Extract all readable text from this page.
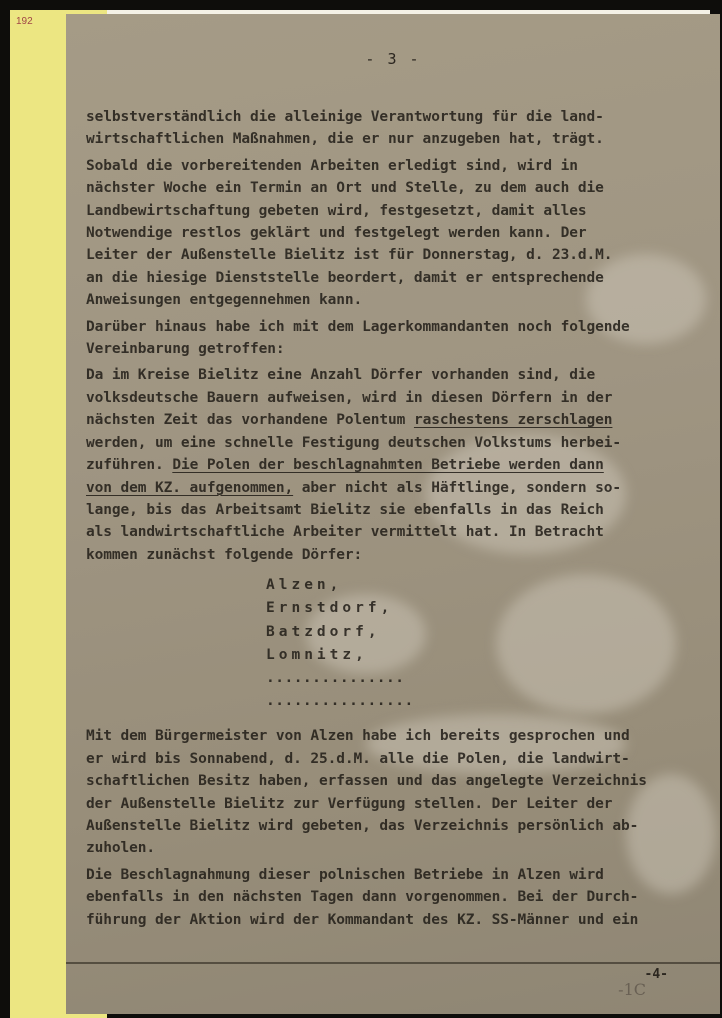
192
- 3 -
selbstverständlich die alleinige Verantwortung für die land-
wirtschaftlichen Maßnahmen, die er nur anzugeben hat, trägt.
Sobald die vorbereitenden Arbeiten erledigt sind, wird in
nächster Woche ein Termin an Ort und Stelle, zu dem auch die
Landbewirtschaftung gebeten wird, festgesetzt, damit alles
Notwendige restlos geklärt und festgelegt werden kann. Der
Leiter der Außenstelle Bielitz ist für Donnerstag, d. 23.d.M.
an die hiesige Dienststelle beordert, damit er entsprechende
Anweisungen entgegennehmen kann.
Darüber hinaus habe ich mit dem Lagerkommandanten noch folgende
Vereinbarung getroffen:
Da im Kreise Bielitz eine Anzahl Dörfer vorhanden sind, die
volksdeutsche Bauern aufweisen, wird in diesen Dörfern in der
nächsten Zeit das vorhandene Polentum raschestens zerschlagen
werden, um eine schnelle Festigung deutschen Volkstums herbei-
zuführen. Die Polen der beschlagnahmten Betriebe werden dann
von dem KZ. aufgenommen, aber nicht als Häftlinge, sondern so-
lange, bis das Arbeitsamt Bielitz sie ebenfalls in das Reich
als landwirtschaftliche Arbeiter vermittelt hat. In Betracht
kommen zunächst folgende Dörfer:
Alzen,
Ernstdorf,
Batzdorf,
Lomnitz,
...............
................
Mit dem Bürgermeister von Alzen habe ich bereits gesprochen und
er wird bis Sonnabend, d. 25.d.M. alle die Polen, die landwirt-
schaftlichen Besitz haben, erfassen und das angelegte Verzeichnis
der Außenstelle Bielitz zur Verfügung stellen. Der Leiter der
Außenstelle Bielitz wird gebeten, das Verzeichnis persönlich ab-
zuholen.
Die Beschlagnahmung dieser polnischen Betriebe in Alzen wird
ebenfalls in den nächsten Tagen dann vorgenommen. Bei der Durch-
führung der Aktion wird der Kommandant des KZ. SS-Männer und ein
-4-
-1C
